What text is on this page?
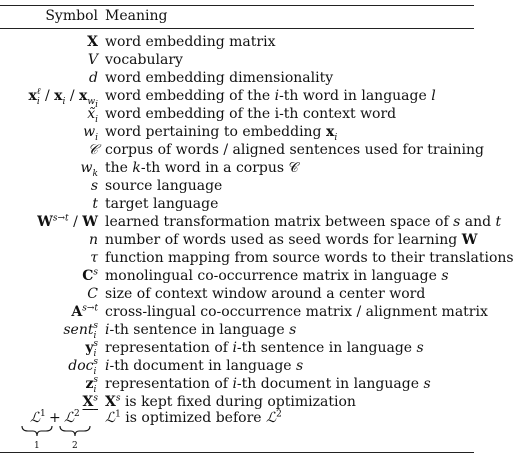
Symbol Meaning
X word embedding matrix
V vocabulary
d word embedding dimensionality
$x_i^\ell / x_i / x_{w_i}$
word embedding of the i-th word in language l
$x̃_i$ word embedding of the i-th context word
$w_i$ word pertaining to embedding $x_i$
𝒞 corpus of words / aligned sentences used for training
$w_k$ the k-th word in a corpus 𝒞
s source language
t target language
$W^{s\to t}$ / W learned transformation matrix between space of s and t
n number of words used as seed words for learning W
τ function mapping from source words to their translations
$C^s$ monolingual co-occurrence matrix in language s
C size of context window around a center word
$A^{s\to t}$ cross-lingual co-occurrence matrix / alignment matrix
sent$_i^s$ i-th sentence in language s
$y_i^s$ representation of i-th sentence in language s
doc$_i^s$ i-th document in language s
$z_i^s$ representation of i-th document in language s
$X^s$ $X^s$ is kept fixed during optimization
ℒ 1 + ℒ 2
1	2
ℒ$^1$ is optimized before ℒ$^2$
